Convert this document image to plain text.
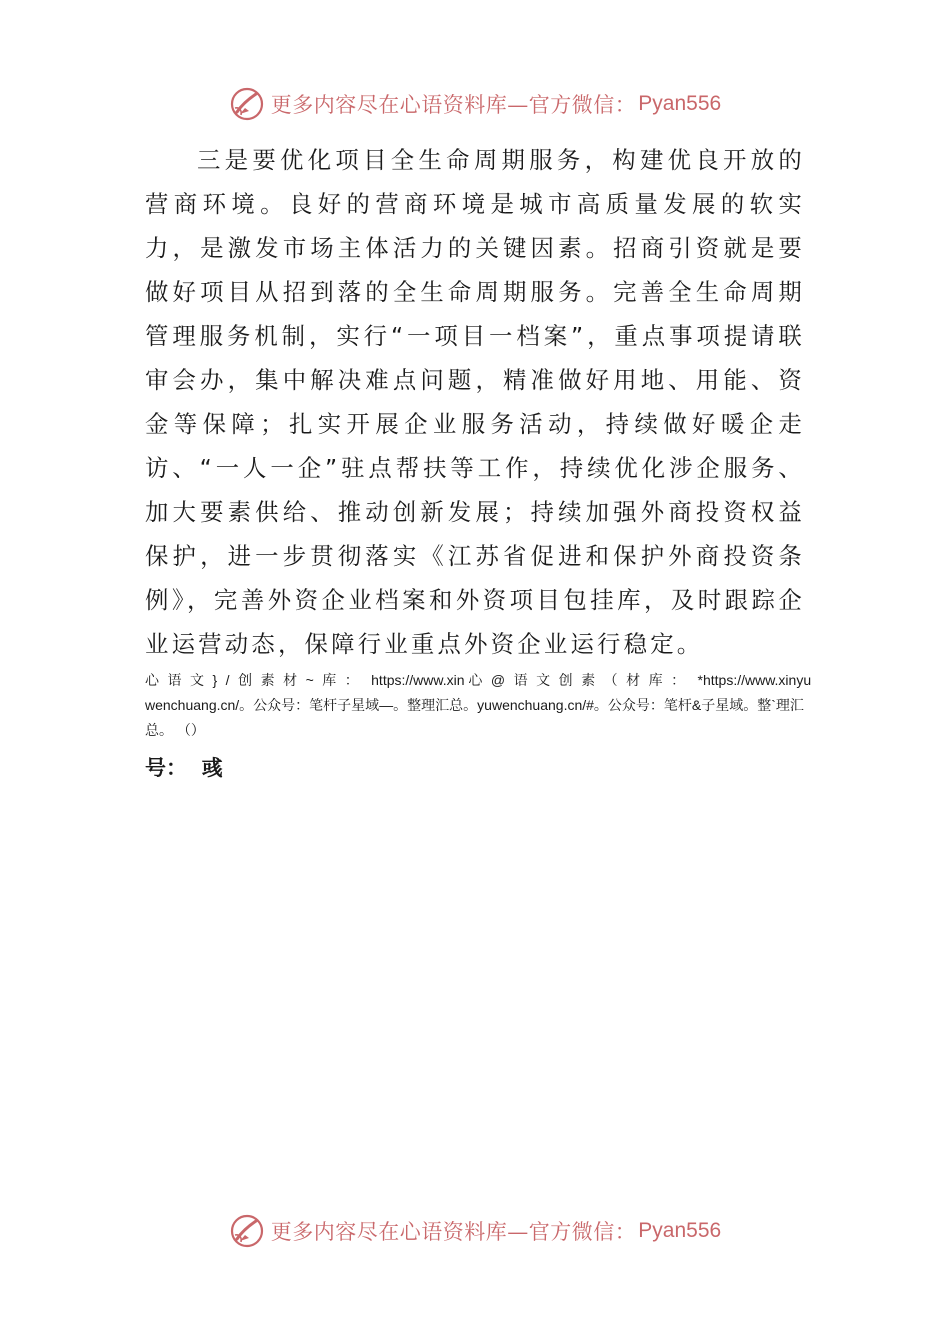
更多内容尽在心语资料库—官方微信： Pyan556

三是要优化项目全生命周期服务，构建优良开放的营商环境。良好的营商环境是城市高质量发展的软实力，是激发市场主体活力的关键因素。招商引资就是要做好项目从招到落的全生命周期服务。完善全生命周期管理服务机制，实行“一项目一档案”，重点事项提请联审会办，集中解决难点问题，精准做好用地、用能、资金等保障；扎实开展企业服务活动，持续做好暖企走访、“一人一企”驻点帮扶等工作，持续优化涉企服务、加大要素供给、推动创新发展；持续加强外商投资权益保护，进一步贯彻落实《江苏省促进和保护外商投资条例》，完善外资企业档案和外资项目包挂库，及时跟踪企业运营动态，保障行业重点外资企业运行稳定。

心语文}/创素材~库： https://www.xin 心@语文创素（材库： *https://www.xinyuwenchuang.cn/。公众号：笔杆子星域—。整理汇总。yuwenchuang.cn/#。公众号：笔杆&子星域。整`理汇总。 （）

号：  彧
更多内容尽在心语资料库—官方微信： Pyan556
